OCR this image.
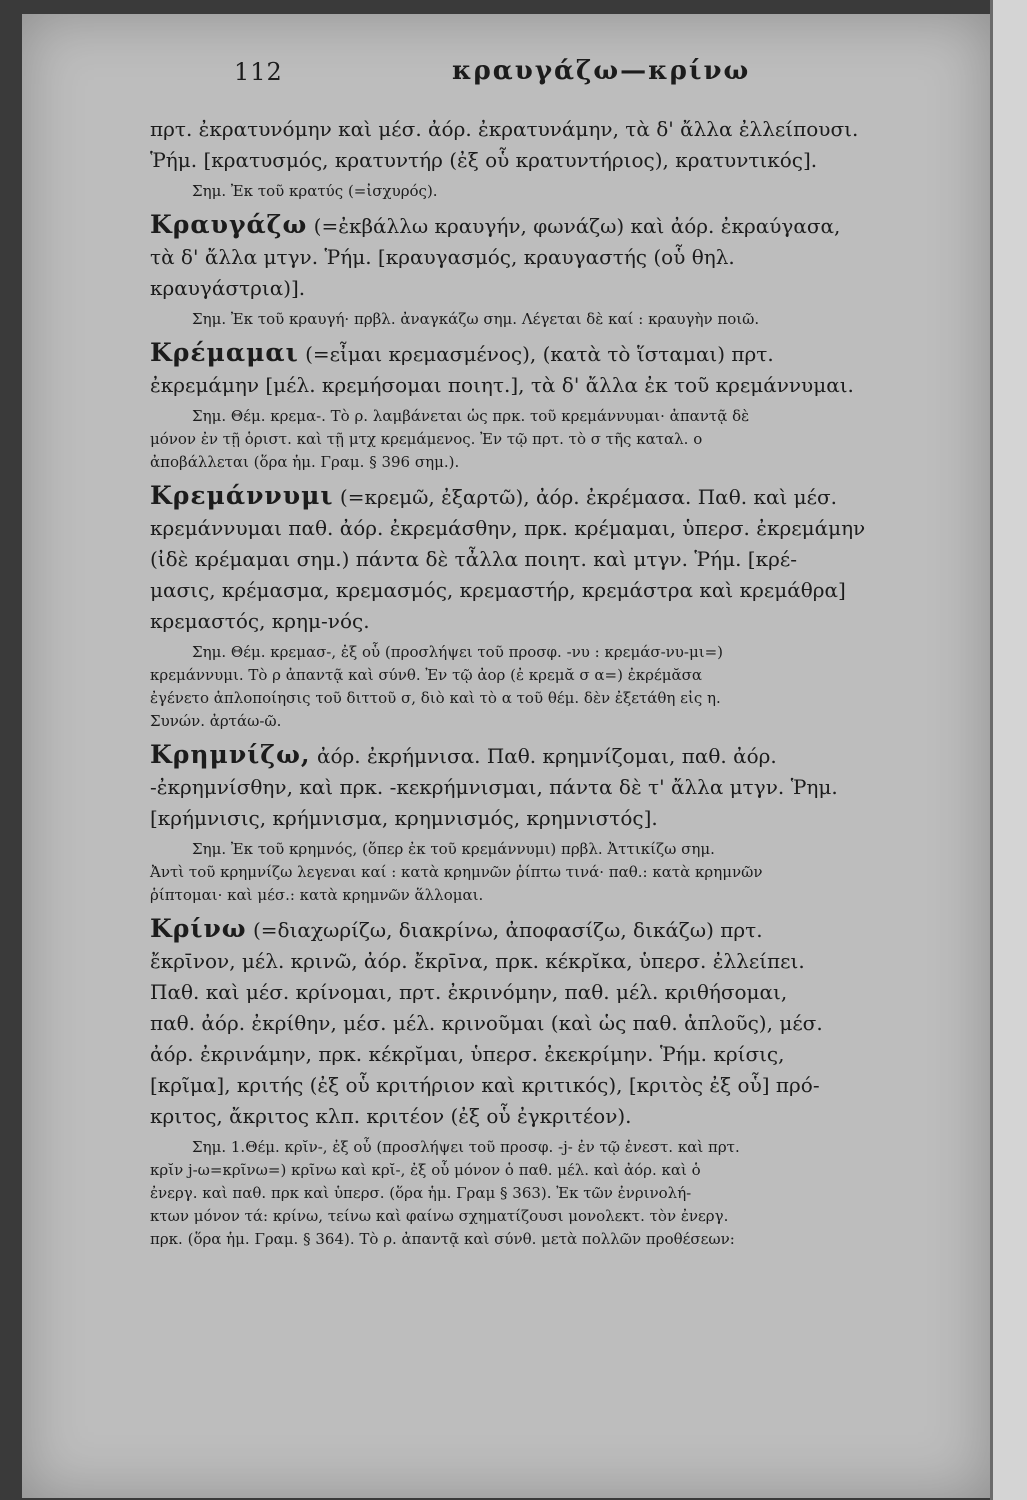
112	κραυγάζω—κρίνω

πρτ. ἐκρατυνόμην καὶ μέσ. ἀόρ. ἐκρατυνάμην, τὰ δ' ἄλλα ἐλλείπουσι.

Ῥήμ. [κρατυσμός, κρατυντήρ (ἐξ οὗ κρατυντήριος), κρατυντικός].

Σημ. Ἐκ τοῦ κρατύς (=ἰσχυρός).

Κραυγάζω (=ἐκβάλλω κραυγήν, φωνάζω) καὶ ἀόρ. ἐκραύγασα,

τὰ δ' ἄλλα μτγν. Ῥήμ. [κραυγασμός, κραυγαστής (οὗ θηλ.

κραυγάστρια)].

Σημ. Ἐκ τοῦ κραυγή· πρβλ. ἀναγκάζω σημ. Λέγεται δὲ καί : κραυγὴν ποιῶ.

Κρέμαμαι (=εἶμαι κρεμασμένος), (κατὰ τὸ ἵσταμαι) πρτ.

ἐκρεμάμην [μέλ. κρεμήσομαι ποιητ.], τὰ δ' ἄλλα ἐκ τοῦ κρεμάννυμαι.

Σημ. Θέμ. κρεμα-. Τὸ ρ. λαμβάνεται ὡς πρκ. τοῦ κρεμάννυμαι· ἀπαντᾷ δὲ

μόνον ἐν τῇ ὁριστ. καὶ τῇ μτχ κρεμάμενος. Ἐν τῷ πρτ. τὸ σ τῆς καταλ. ο

ἀποβάλλεται (ὅρα ἡμ. Γραμ. § 396 σημ.).

Κρεμάννυμι (=κρεμῶ, ἐξαρτῶ), ἀόρ. ἐκρέμασα. Παθ. καὶ μέσ.

κρεμάννυμαι παθ. ἀόρ. ἐκρεμάσθην, πρκ. κρέμαμαι, ὑπερσ. ἐκρεμάμην

(ἰδὲ κρέμαμαι σημ.) πάντα δὲ τἆλλα ποιητ. καὶ μτγν. Ῥήμ. [κρέ-

μασις, κρέμασμα, κρεμασμός, κρεμαστήρ, κρεμάστρα καὶ κρεμάθρα]

κρεμαστός, κρημ-νός.

Σημ. Θέμ. κρεμασ-, ἐξ οὗ (προσλήψει τοῦ προσφ. -νυ : κρεμάσ-νυ-μι=)

κρεμάννυμι. Τὸ ρ ἀπαντᾷ καὶ σύνθ. Ἐν τῷ ἀορ (ἐ κρεμᾰ σ α=) ἐκρέμᾰσα

ἐγένετο ἁπλοποίησις τοῦ διττοῦ σ, διὸ καὶ τὸ α τοῦ θέμ. δὲν ἐξετάθη εἰς η.

Συνών. ἀρτάω-ῶ.

Κρημνίζω, ἀόρ. ἐκρήμνισα. Παθ. κρημνίζομαι, παθ. ἀόρ.

-ἐκρημνίσθην, καὶ πρκ. -κεκρήμνισμαι, πάντα δὲ τ' ἄλλα μτγν. Ῥημ.

[κρήμνισις, κρήμνισμα, κρημνισμός, κρημνιστός].

Σημ. Ἐκ τοῦ κρημνός, (ὅπερ ἐκ τοῦ κρεμάννυμι) πρβλ. Ἀττικίζω σημ.

Ἀντὶ τοῦ κρημνίζω λεγεναι καί : κατὰ κρημνῶν ῥίπτω τινά· παθ.: κατὰ κρημνῶν

ῥίπτομαι· καὶ μέσ.: κατὰ κρημνῶν ἅλλομαι.

Κρίνω (=διαχωρίζω, διακρίνω, ἀποφασίζω, δικάζω) πρτ.

ἔκρῑνον, μέλ. κρινῶ, ἀόρ. ἔκρῑνα, πρκ. κέκρῐκα, ὑπερσ. ἐλλείπει.

Παθ. καὶ μέσ. κρίνομαι, πρτ. ἐκρινόμην, παθ. μέλ. κριθήσομαι,

παθ. ἀόρ. ἐκρίθην, μέσ. μέλ. κρινοῦμαι (καὶ ὡς παθ. ἁπλοῦς), μέσ.

ἀόρ. ἐκρινάμην, πρκ. κέκρῐμαι, ὑπερσ. ἐκεκρίμην. Ῥήμ. κρίσις,

[κρῖμα], κριτής (ἐξ οὗ κριτήριον καὶ κριτικός), [κριτὸς ἐξ οὗ] πρό-

κριτος, ἄκριτος κλπ. κριτέον (ἐξ οὗ ἐγκριτέον).

Σημ. 1.Θέμ. κρῐν-, ἐξ οὗ (προσλήψει τοῦ προσφ. -j- ἐν τῷ ἐνεστ. καὶ πρτ.

κρῐν j-ω=κρῖνω=) κρῖνω καὶ κρῐ-, ἐξ οὗ μόνον ὁ παθ. μέλ. καὶ ἀόρ. καὶ ὁ

ἐνεργ. καὶ παθ. πρκ καὶ ὑπερσ. (ὅρα ἡμ. Γραμ § 363). Ἐκ τῶν ἐνρινολή-

κτων μόνον τά: κρίνω, τείνω καὶ φαίνω σχηματίζουσι μονολεκτ. τὸν ἐνεργ.

πρκ. (ὅρα ἡμ. Γραμ. § 364). Τὸ ρ. ἀπαντᾷ καὶ σύνθ. μετὰ πολλῶν προθέσεων:
